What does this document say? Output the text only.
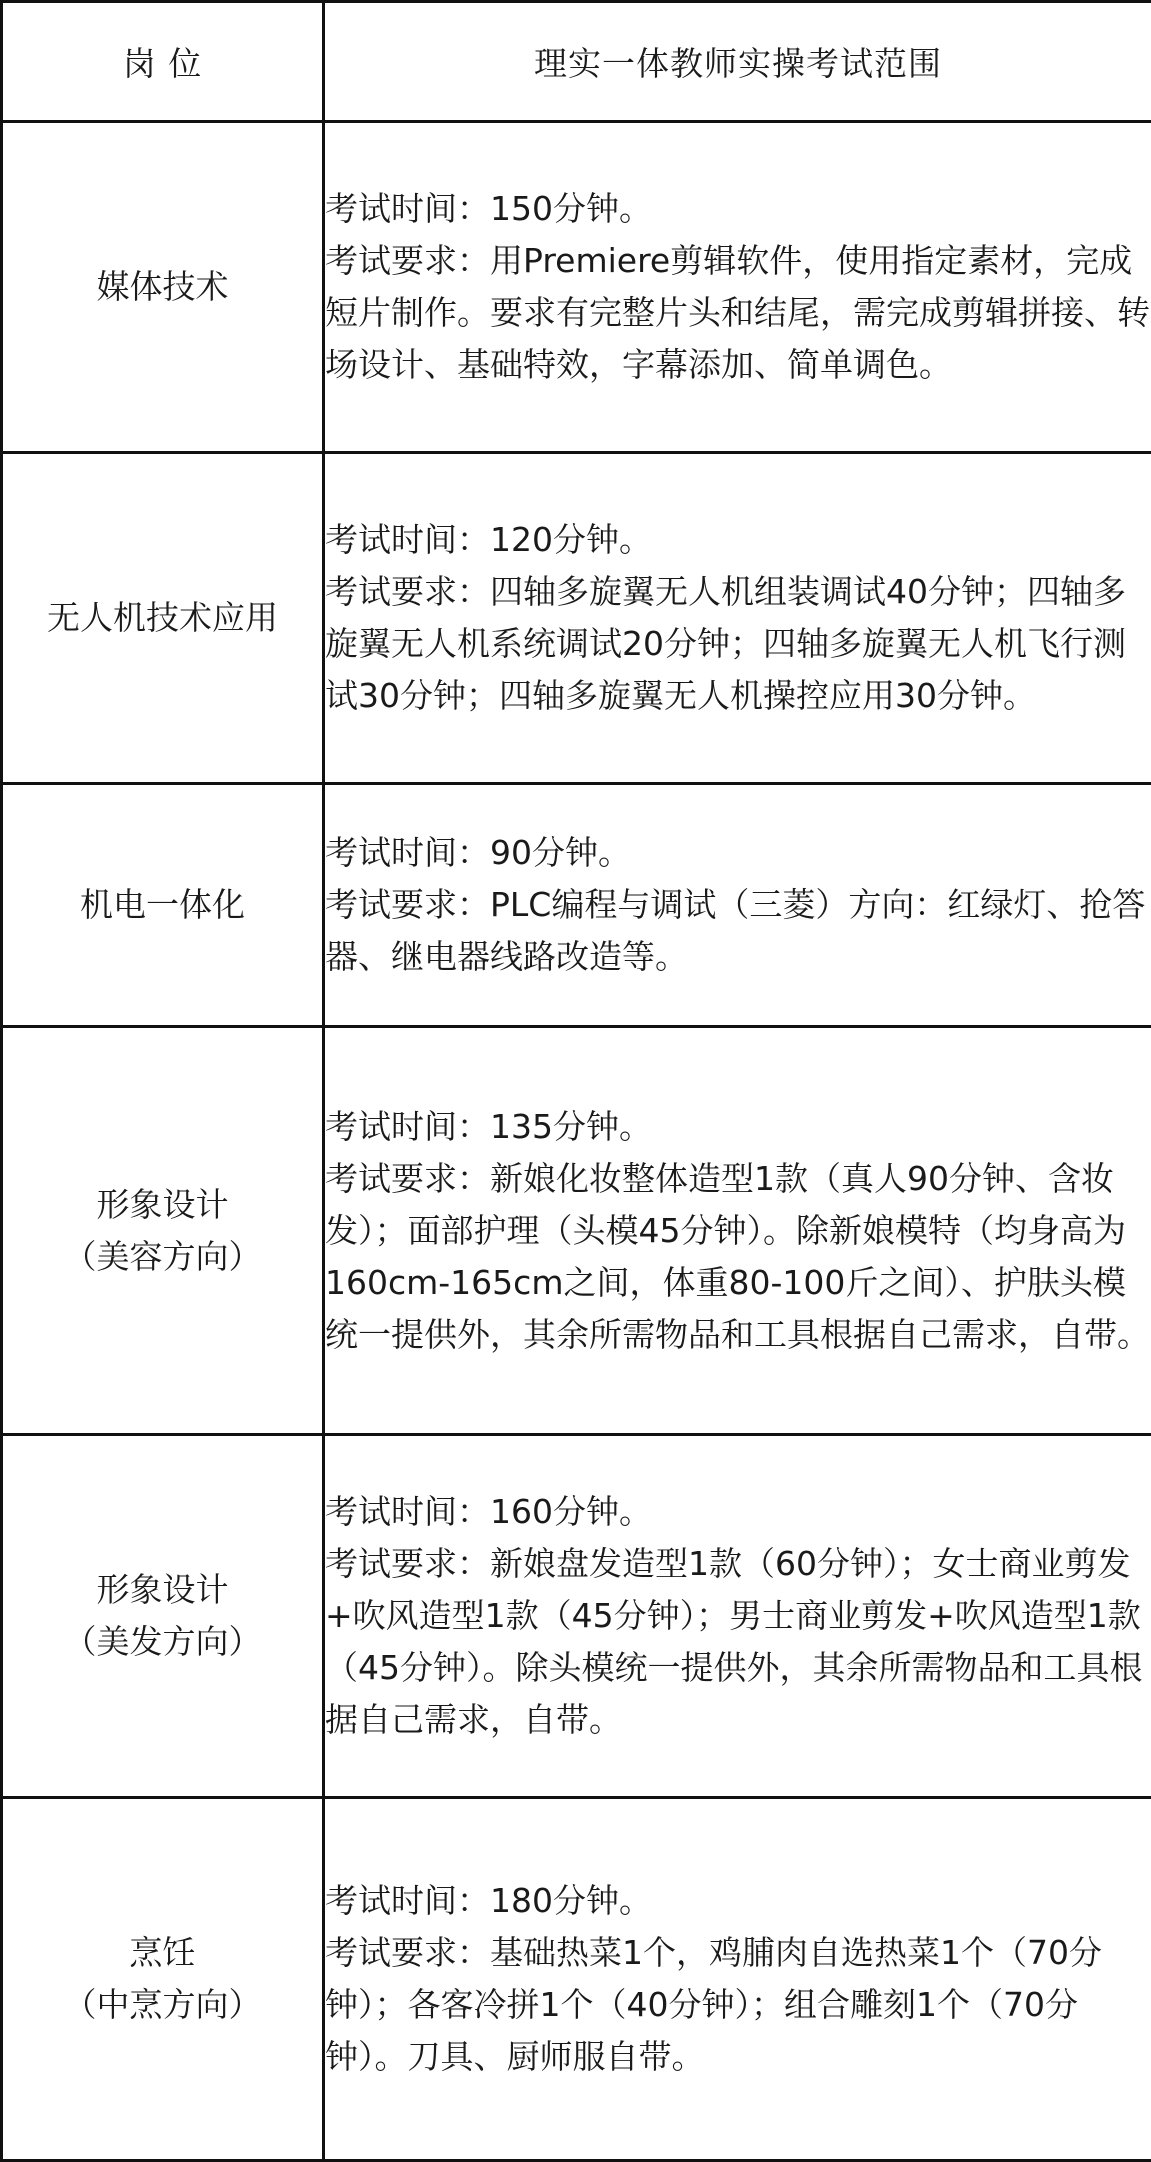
岗 位	理实一体教师实操考试范围

媒体技术	考试时间：150分钟。
考试要求：用Premiere剪辑软件，使用指定素材，完成短片制作。要求有完整片头和结尾，需完成剪辑拼接、转场设计、基础特效，字幕添加、简单调色。

无人机技术应用	考试时间：120分钟。
考试要求：四轴多旋翼无人机组装调试40分钟；四轴多旋翼无人机系统调试20分钟；四轴多旋翼无人机飞行测试30分钟；四轴多旋翼无人机操控应用30分钟。

机电一体化	考试时间：90分钟。
考试要求：PLC编程与调试（三菱）方向：红绿灯、抢答器、继电器线路改造等。

形象设计
（美容方向）	考试时间：135分钟。
考试要求：新娘化妆整体造型1款（真人90分钟、含妆发）；面部护理（头模45分钟）。除新娘模特（均身高为160cm-165cm之间，体重80-100斤之间）、护肤头模统一提供外，其余所需物品和工具根据自己需求，自带。

形象设计
（美发方向）	考试时间：160分钟。
考试要求：新娘盘发造型1款（60分钟）；女士商业剪发+吹风造型1款（45分钟）；男士商业剪发+吹风造型1款（45分钟）。除头模统一提供外，其余所需物品和工具根据自己需求，自带。

烹饪
（中烹方向）	考试时间：180分钟。
考试要求：基础热菜1个，鸡脯肉自选热菜1个（70分钟）；各客冷拼1个（40分钟）；组合雕刻1个（70分钟）。刀具、厨师服自带。
